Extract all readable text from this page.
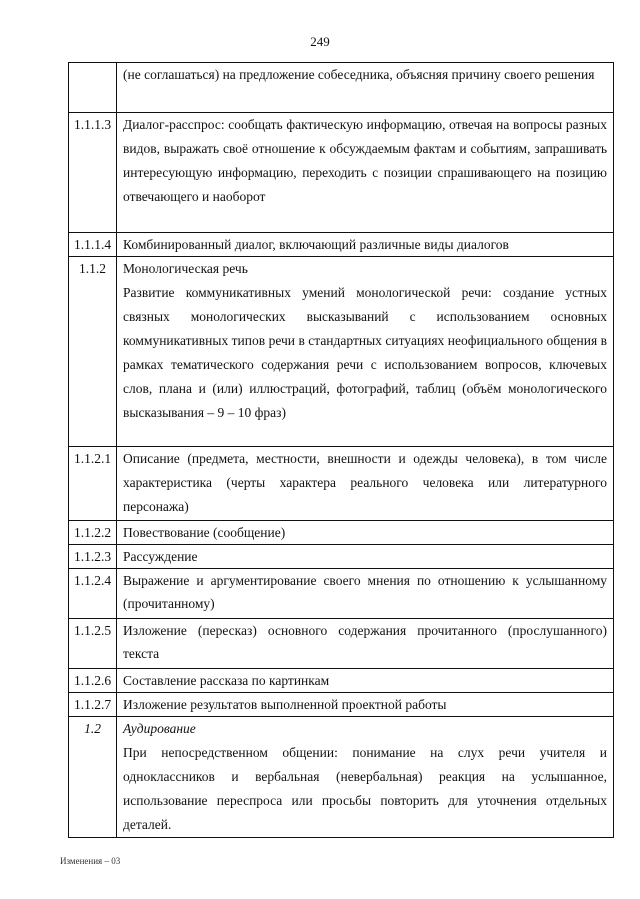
249
	(не соглашаться) на предложение собеседника, объясняя причину своего решения
1.1.1.3	Диалог-расспрос: сообщать фактическую информацию, отвечая на вопросы разных видов, выражать своё отношение к обсуждаемым фактам и событиям, запрашивать интересующую информацию, переходить с позиции спрашивающего на позицию отвечающего и наоборот
1.1.1.4	Комбинированный диалог, включающий различные виды диалогов
1.1.2	Монологическая речь
Развитие коммуникативных умений монологической речи: создание устных связных монологических высказываний с использованием основных коммуникативных типов речи в стандартных ситуациях неофициального общения в рамках тематического содержания речи с использованием вопросов, ключевых слов, плана и (или) иллюстраций, фотографий, таблиц (объём монологического высказывания – 9 – 10 фраз)

1.1.2.1	Описание (предмета, местности, внешности и одежды человека), в том числе характеристика (черты характера реального человека или литературного персонажа)
1.1.2.2	Повествование (сообщение)
1.1.2.3	Рассуждение
1.1.2.4	Выражение и аргументирование своего мнения по отношению к услышанному (прочитанному)
1.1.2.5	Изложение (пересказ) основного содержания прочитанного (прослушанного) текста
1.1.2.6	Составление рассказа по картинкам
1.1.2.7	Изложение результатов выполненной проектной работы
1.2	Аудирование
При непосредственном общении: понимание на слух речи учителя и одноклассников и вербальная (невербальная) реакция на услышанное, использование переспроса или просьбы повторить для уточнения отдельных деталей.
Изменения – 03
